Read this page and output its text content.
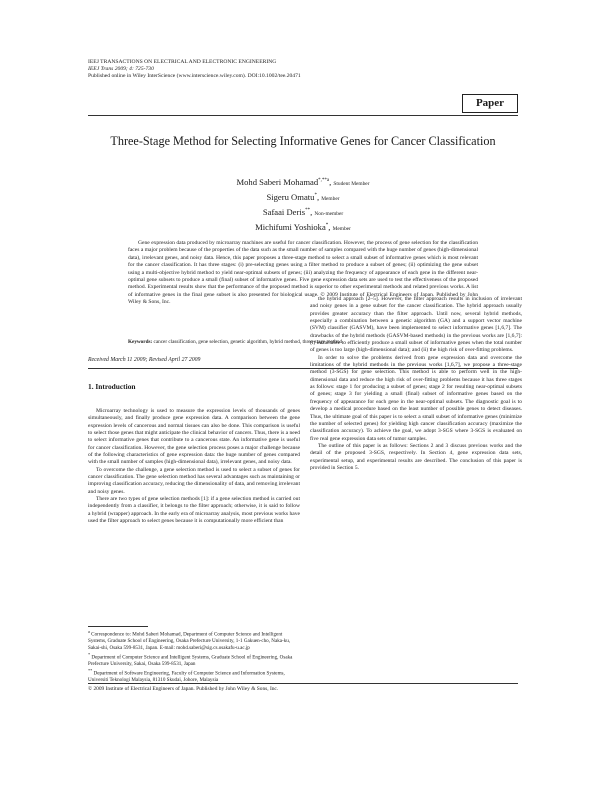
IEEJ TRANSACTIONS ON ELECTRICAL AND ELECTRONIC ENGINEERING
IEEJ Trans 2009; 4: 725-730
Published online in Wiley InterScience (www.interscience.wiley.com). DOI:10.1002/tee.20471
Paper
Three-Stage Method for Selecting Informative Genes for Cancer Classification
Mohd Saberi Mohamad$^{*,**a}$, Student Member
Sigeru Omatu*, Member
Safaai Deris**, Non-member
Michifumi Yoshioka*, Member
Gene expression data produced by microarray machines are useful for cancer classification. However, the process of gene selection for the classification faces a major problem because of the properties of the data such as the small number of samples compared with the huge number of genes (high-dimensional data), irrelevant genes, and noisy data. Hence, this paper proposes a three-stage method to select a small subset of informative genes which is most relevant for the cancer classification. It has three stages: (i) pre-selecting genes using a filter method to produce a subset of genes; (ii) optimizing the gene subset using a multi-objective hybrid method to yield near-optimal subsets of genes; (iii) analyzing the frequency of appearance of each gene in the different near-optimal gene subsets to produce a small (final) subset of informative genes. Five gene expression data sets are used to test the effectiveness of the proposed method. Experimental results show that the performance of the proposed method is superior to other experimental methods and related previous works. A list of informative genes in the final gene subset is also presented for biological usage. © 2009 Institute of Electrical Engineers of Japan. Published by John Wiley & Sons, Inc.
Keywords: cancer classification, gene selection, genetic algorithm, hybrid method, three-stage method
Received March 11 2009; Revised April 27 2009
1. Introduction

Microarray technology is used to measure the expression levels of thousands of genes simultaneously, and finally produce gene expression data. A comparison between the gene expression levels of cancerous and normal tissues can also be done. This comparison is useful to select those genes that might anticipate the clinical behavior of cancers. Thus, there is a need to select informative genes that contribute to a cancerous state. An informative gene is useful for cancer classification. However, the gene selection process poses a major challenge because of the following characteristics of gene expression data: the huge number of genes compared with the small number of samples (high-dimensional data), irrelevant genes, and noisy data.

To overcome the challenge, a gene selection method is used to select a subset of genes for cancer classification. The gene selection method has several advantages such as maintaining or improving classification accuracy, reducing the dimensionality of data, and removing irrelevant and noisy genes.

There are two types of gene selection methods [1]: if a gene selection method is carried out independently from a classifier, it belongs to the filter approach; otherwise, it is said to follow a hybrid (wrapper) approach. In the early era of microarray analysis, most previous works have used the filter approach to select genes because it is computationally more efficient than

the hybrid approach [2–5]. However, the filter approach results in inclusion of irrelevant and noisy genes in a gene subset for the cancer classification. The hybrid approach usually provides greater accuracy than the filter approach. Until now, several hybrid methods, especially a combination between a genetic algorithm (GA) and a support vector machine (SVM) classifier (GASVM), have been implemented to select informative genes [1,6,7]. The drawbacks of the hybrid methods (GASVM-based methods) in the previous works are [1,6,7]: (i) intractable to efficiently produce a small subset of informative genes when the total number of genes is too large (high-dimensional data); and (ii) the high risk of over-fitting problems.

In order to solve the problems derived from gene expression data and overcome the limitations of the hybrid methods in the previous works [1,6,7], we propose a three-stage method (3-SGS) for gene selection. This method is able to perform well in the high-dimensional data and reduce the high risk of over-fitting problems because it has three stages as follows: stage 1 for producing a subset of genes; stage 2 for resulting near-optimal subsets of genes; stage 3 for yielding a small (final) subset of informative genes based on the frequency of appearance for each gene in the near-optimal subsets. The diagnostic goal is to develop a medical procedure based on the least number of possible genes to detect diseases. Thus, the ultimate goal of this paper is to select a small subset of informative genes (minimize the number of selected genes) for yielding high cancer classification accuracy (maximize the classification accuracy). To achieve the goal, we adopt 3-SGS where 3-SGS is evaluated on five real gene expression data sets of tumor samples.

The outline of this paper is as follows: Sections 2 and 3 discuss previous works and the detail of the proposed 3-SGS, respectively. In Section 4, gene expression data sets, experimental setup, and experimental results are described. The conclusion of this paper is provided in Section 5.

$^a$ Correspondence to: Mohd Saberi Mohamad, Department of Computer Science and Intelligent Systems, Graduate School of Engineering, Osaka Prefecture University, 1-1 Gakuen-cho, Naka-ku, Sakai-shi, Osaka 599-8531, Japan. E-mail: mohd.saberi@sig.cs.osakafu-u.ac.jp
* Department of Computer Science and Intelligent Systems, Graduate School of Engineering, Osaka Prefecture University, Sakai, Osaka 599-8531, Japan
** Department of Software Engineering, Faculty of Computer Science and Information Systems, Universiti Teknologi Malaysia, 81310 Skudai, Johore, Malaysia
© 2009 Institute of Electrical Engineers of Japan. Published by John Wiley & Sons, Inc.
